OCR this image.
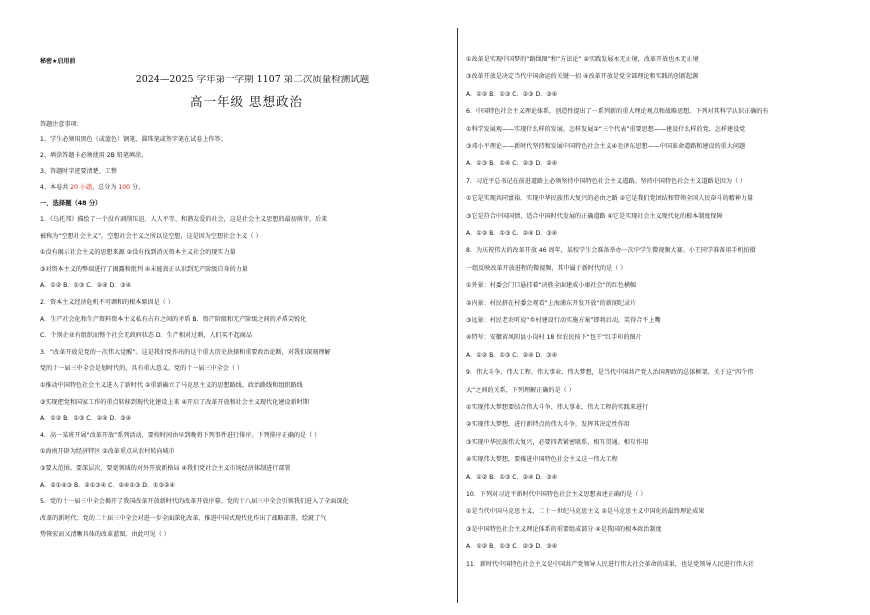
秘密★启用前
2024—2025 学年第一学期 1107 第二次质量检测试题
高一年级 思想政治
答题注意事项：
1、学生必须用黑色（或蓝色）钢笔、圆珠笔或签字笔在试卷上作答；
2、填涂答题卡必须使用 2B 铅笔填涂。
3、答题时字迹要清楚、工整
4、本卷共 20 小题，总分为 100 分。
一、选择题（48 分）
1．《乌托邦》描绘了一个没有剥削压迫、人人平等、和谐友爱的社会，这是社会主义思想的最初萌芽，后来
被称为“空想社会主义”。空想社会主义之所以是空想，这是因为空想社会主义（ ）
①没有揭示社会主义的思想来源 ②没有找到消灭资本主义社会的现实力量
③对资本主义的弊端进行了揭露和批判 ④未能真正认识到无产阶级自身的力量
A．①② B．①③ C．②④ D．③④
2．资本主义经济危机不可调和的根本原因是（ ）
A．生产社会化和生产资料资本主义私有占有之间的矛盾 B．资产阶级和无产阶级之间的矛盾尖锐化
C．个别企业有组织而整个社会无政府状态 D．生产相对过剩，人们买不起商品
3．“改革开放是党的一次伟大觉醒”。这是我们党作出的这个重大历史抉择和重要政治论断，对我们深刻理解
党的十一届三中全会是划时代的，具有重大意义。党的十一届三中全会（ ）
①推动中国特色社会主义进入了新时代 ②重新确立了马克思主义的思想路线、政治路线和组织路线
③实现把党和国家工作的重点转移到现代化建设上来 ④开启了改革开放和社会主义现代化建设新时期
A．①② B．①③ C．②④ D．③④
4．高一某班开展“改革开放”系列活动，要按时间由早到晚将下列事件进行排序。下列排序正确的是（ ）
①海南开辟为经济特区 ②改革重点从农村转向城市
③要大范围、要深层次、要宽领域的对外开放新格局 ④我们党社会主义市场经济体制进行部署
A．②①④③ B．②①③④ C．②④①③ D．①③②④
5．党的十一届三中全会揭开了我国改革开放新时代的改革开放序幕。党的十八届三中全会引领我们进入了全面深化
改革的新时代；党的二十届三中全会对进一步全面深化改革、推进中国式现代化作出了战略部署，绘就了气
势恢宏而又清晰具体的改革蓝图。由此可见（ ）
①改革是实现中国梦的“路线图”和“方法论” ②实践发展永无止境，改革开放也永无止境
③改革开放是决定当代中国命运的关键一招 ④改革开放是党全部理论和实践的创新起源
A．①② B．①③ C．②③ D．③④
6．中国特色社会主义理论体系，创造性提出了一系列新的重大理论观点和战略思想。下列对其科学认识正确的有
①科学发展观——实现什么样的发展、怎样发展②“三个代表”重要思想——建设什么样的党、怎样建设党
③邓小平理论——新时代坚持和发展中国特色社会主义④毛泽东思想——中国革命道路和建设的重大问题
A．①③ B．①④ C．②③ D．②④
7．习近平总书记在前进道路上必须坚持中国特色社会主义道路。坚持中国特色社会主义道路是因为（ ）
①它是实现共同富裕、实现中华民族伟大复兴的必由之路 ②它是我们党团结和带领全国人民奋斗的精神力量
③它是符合中国国情、适合中国时代发展的正确道路 ④它是实现社会主义现代化的根本制度保障
A．①② B．①③ C．②④ D．③④
8．为庆祝伟大的改革开放 46 周年，某校学生会准备举办一次中学生微视频大赛。小王同学准备用手机拍摄
一组反映改革开放进程的微视频，其中属于新时代的是（ ）
①外景：村委会门口悬挂着“决胜全面建成小康社会”的红色横幅
②内景：村民挤在村委会观看“上海浦东开发开放”的新闻纪录片
③远景：村民老农听说“乡村建设行动实施方案”即将启动，笑得合不上嘴
④特写：安徽省凤阳县小岗村 18 位农民按下“包干”红手印的图片
A．①② B．①③ C．②④ D．③④
9．伟大斗争、伟大工程、伟大事业、伟大梦想，是当代中国共产党人治国理政的总体框架。关于这“四个伟
大”之间的关系，下列理解正确的是（ ）
①实现伟大梦想要结合伟大斗争、伟大事业、伟大工程的实践来进行
②实现伟大梦想，进行新特点的伟大斗争，发挥其决定性作用
③实现中华民族伟大复兴，必要四者紧密联系、相互贯通、相互作用
④实现伟大梦想，要推进中国特色社会主义这一伟大工程
A．①② B．①③ C．②④ D．③④
10．下列对习近平新时代中国特色社会主义思想表述正确的是（ ）
①是当代中国马克思主义、二十一世纪马克思主义 ②是马克思主义中国化的最终理论成果
③是中国特色社会主义理论体系的重要组成部分 ④是我国的根本政治制度
A．①② B．①③ C．②③ D．③④
11．新时代中国特色社会主义是中国共产党领导人民进行伟大社会革命的成果，也是党领导人民进行伟大社
